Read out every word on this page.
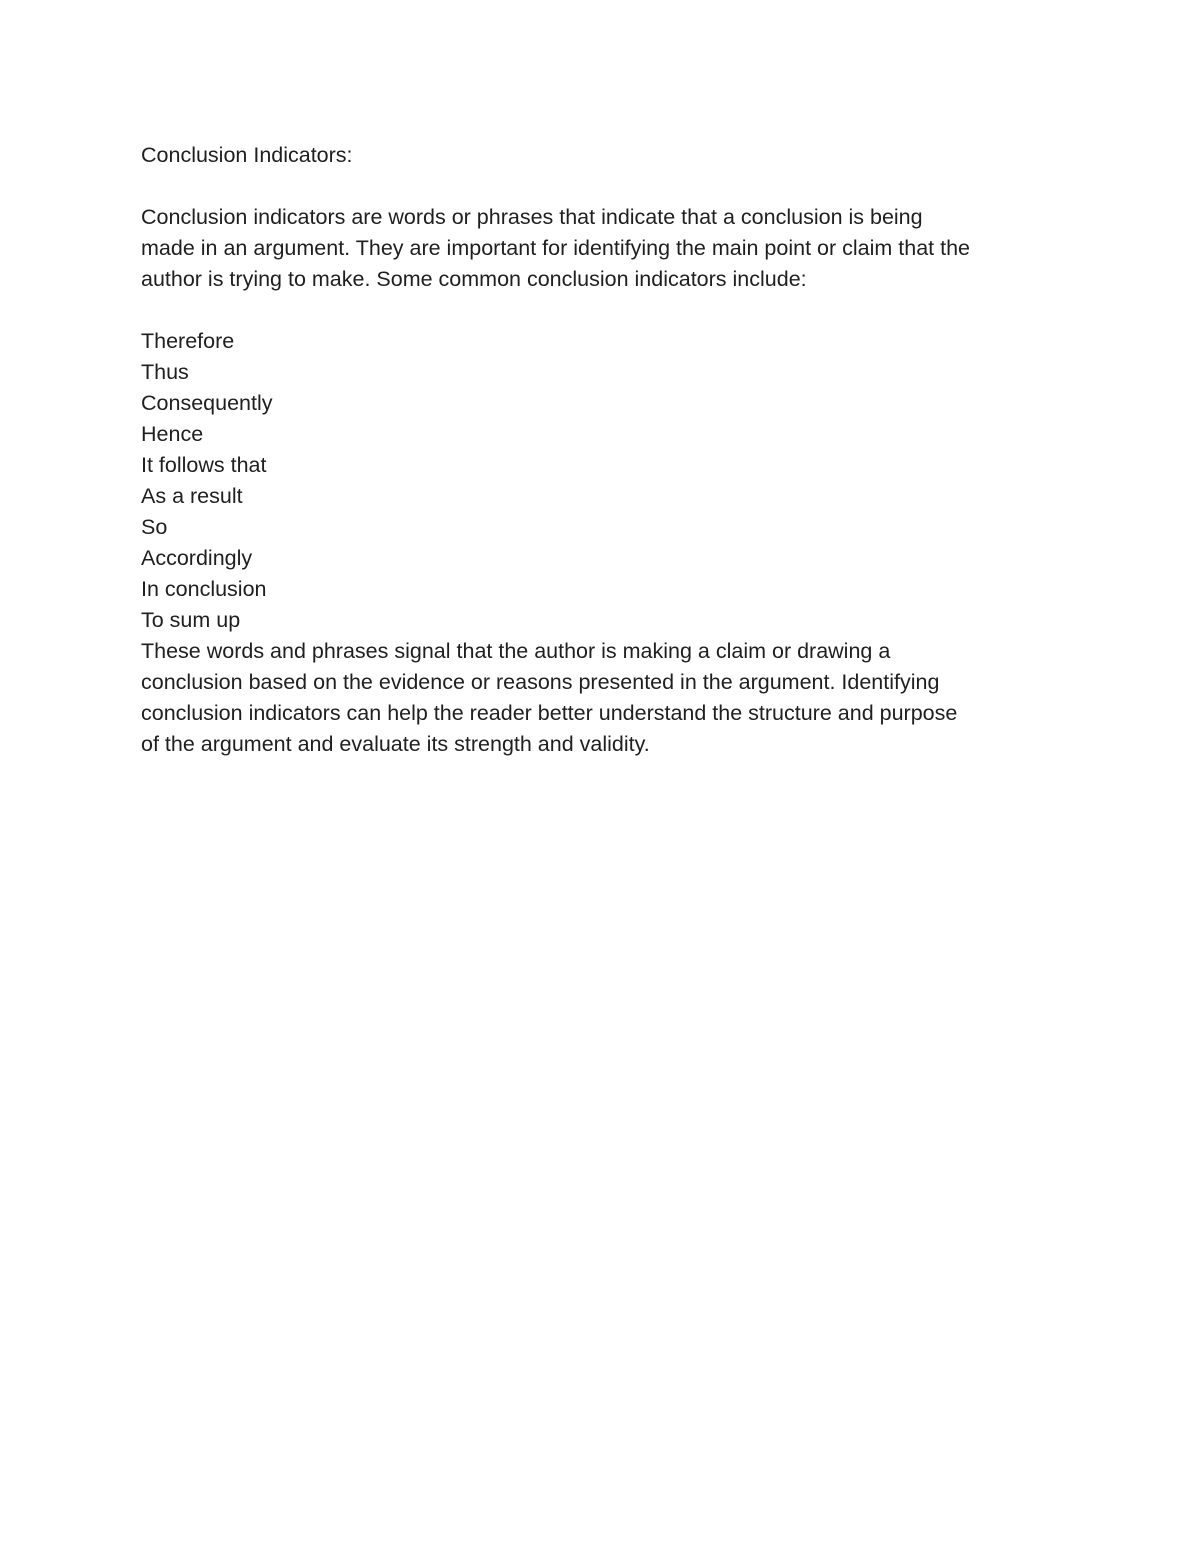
Conclusion Indicators:
Conclusion indicators are words or phrases that indicate that a conclusion is being
made in an argument. They are important for identifying the main point or claim that the
author is trying to make. Some common conclusion indicators include:
Therefore
Thus
Consequently
Hence
It follows that
As a result
So
Accordingly
In conclusion
To sum up
These words and phrases signal that the author is making a claim or drawing a
conclusion based on the evidence or reasons presented in the argument. Identifying
conclusion indicators can help the reader better understand the structure and purpose
of the argument and evaluate its strength and validity.
